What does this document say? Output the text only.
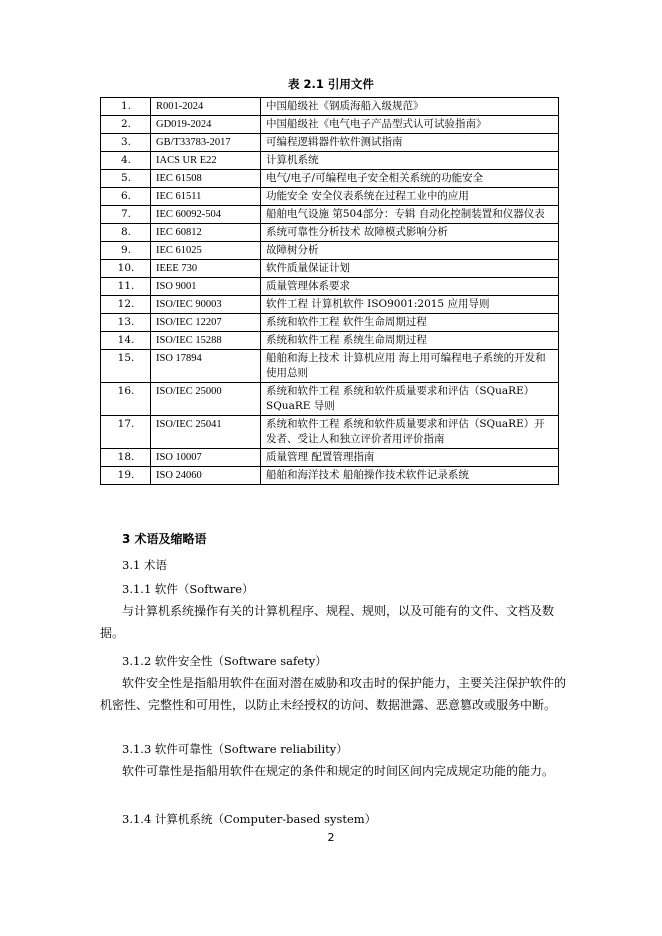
表 2.1 引用文件
1.	R001-2024	中国船级社《钢质海船入级规范》
2.	GD019-2024	中国船级社《电气电子产品型式认可试验指南》
3.	GB/T33783-2017	可编程逻辑器件软件测试指南
4.	IACS UR E22	计算机系统
5.	IEC 61508	电气/电子/可编程电子安全相关系统的功能安全
6.	IEC 61511	功能安全 安全仪表系统在过程工业中的应用
7.	IEC 60092-504	船舶电气设施 第504部分：专辑 自动化控制装置和仪器仪表
8.	IEC 60812	系统可靠性分析技术 故障模式影响分析
9.	IEC 61025	故障树分析
10.	IEEE 730	软件质量保证计划
11.	ISO 9001	质量管理体系要求
12.	ISO/IEC 90003	软件工程 计算机软件 ISO9001:2015 应用导则
13.	ISO/IEC 12207	系统和软件工程 软件生命周期过程
14.	ISO/IEC 15288	系统和软件工程 系统生命周期过程
15.	ISO 17894	船舶和海上技术 计算机应用 海上用可编程电子系统的开发和使用总则
16.	ISO/IEC 25000	系统和软件工程 系统和软件质量要求和评估（SQuaRE）SQuaRE 导则
17.	ISO/IEC 25041	系统和软件工程 系统和软件质量要求和评估（SQuaRE）开发者、受让人和独立评价者用评价指南
18.	ISO 10007	质量管理 配置管理指南
19.	ISO 24060	船舶和海洋技术 船舶操作技术软件记录系统
3 术语及缩略语
3.1 术语
3.1.1 软件（Software）
与计算机系统操作有关的计算机程序、规程、规则，以及可能有的文件、文档及数据。
3.1.2 软件安全性（Software safety）
软件安全性是指船用软件在面对潜在威胁和攻击时的保护能力，主要关注保护软件的机密性、完整性和可用性，以防止未经授权的访问、数据泄露、恶意篡改或服务中断。
3.1.3 软件可靠性（Software reliability）
软件可靠性是指船用软件在规定的条件和规定的时间区间内完成规定功能的能力。
3.1.4 计算机系统（Computer-based system）
2
